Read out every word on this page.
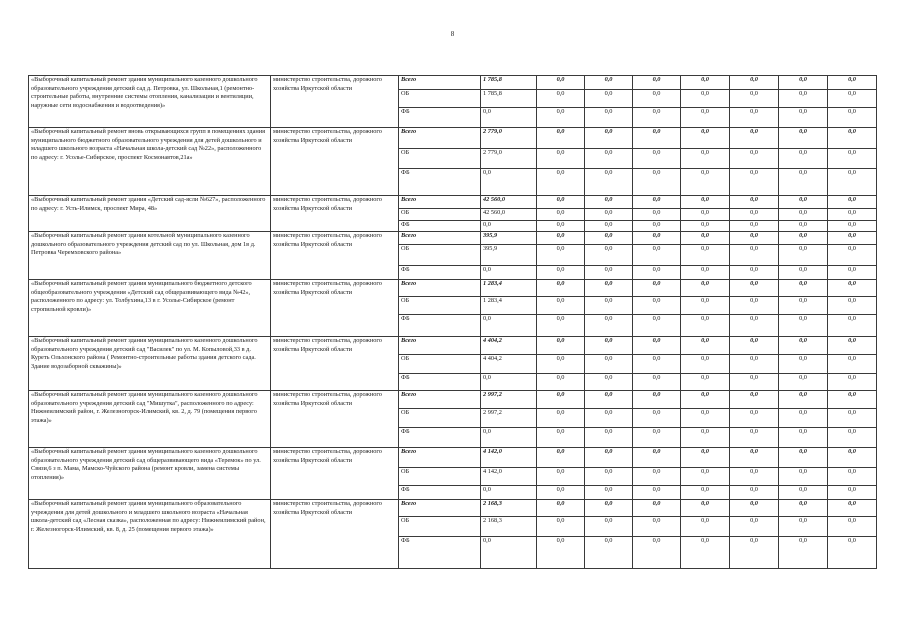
8
«Выборочный капитальный ремонт здания муниципального казенного дошкольного образовательного учреждения детский сад д. Петровка, ул. Школьная,1 (ремонтно-строительные работы, внутренние системы отопления, канализации и вентиляции, наружные сети водоснабжения и водоотведения)»	министерство строительства, дорожного хозяйства Иркутской области	Всего	1 785,8	0,0	0,0	0,0	0,0	0,0	0,0	0,0
		ОБ	1 785,8	0,0	0,0	0,0	0,0	0,0	0,0	0,0
		ФБ	0,0	0,0	0,0	0,0	0,0	0,0	0,0	0,0
«Выборочный капитальный ремонт вновь открывающихся групп в помещениях здания муниципального бюджетного образовательного учреждения для детей дошкольного и младшего школьного возраста «Начальная школа-детский сад №22», расположенного по адресу: г. Усолье-Сибирское, проспект Космонавтов,21а»	министерство строительства, дорожного хозяйства Иркутской области	Всего	2 779,0	0,0	0,0	0,0	0,0	0,0	0,0	0,0
		ОБ	2 779,0	0,0	0,0	0,0	0,0	0,0	0,0	0,0
		ФБ	0,0	0,0	0,0	0,0	0,0	0,0	0,0	0,0
«Выборочный капитальный ремонт здания «Детский сад-ясли №627», расположенного по адресу: г. Усть-Илимск, проспект Мира, 48»	министерство строительства, дорожного хозяйства Иркутской области	Всего	42 560,0	0,0	0,0	0,0	0,0	0,0	0,0	0,0
		ОБ	42 560,0	0,0	0,0	0,0	0,0	0,0	0,0	0,0
		ФБ	0,0	0,0	0,0	0,0	0,0	0,0	0,0	0,0
«Выборочный капитальный ремонт здания котельной муниципального казенного дошкольного образовательного учреждения детский сад по ул. Школьная, дом 1в д. Петровка Черемховского района»	министерство строительства, дорожного хозяйства Иркутской области	Всего	395,9	0,0	0,0	0,0	0,0	0,0	0,0	0,0
		ОБ	395,9	0,0	0,0	0,0	0,0	0,0	0,0	0,0
		ФБ	0,0	0,0	0,0	0,0	0,0	0,0	0,0	0,0
«Выборочный капитальный ремонт здания муниципального бюджетного детского общеобразовательного учреждения «Детский сад общеразвивающего вида №42», расположенного по адресу: ул. Толбухина,13 в г. Усолье-Сибирское (ремонт стропильной кровли)»	министерство строительства, дорожного хозяйства Иркутской области	Всего	1 283,4	0,0	0,0	0,0	0,0	0,0	0,0	0,0
		ОБ	1 283,4	0,0	0,0	0,0	0,0	0,0	0,0	0,0
		ФБ	0,0	0,0	0,0	0,0	0,0	0,0	0,0	0,0
«Выборочный капитальный ремонт здания муниципального казенного дошкольного образовательного учреждения детский сад "Василек" по ул. М. Копыловой,33 в д. Куреть Ольхонского района ( Ремонтно-строительные работы здания детского сада. Здание водозаборной скважины)»	министерство строительства, дорожного хозяйства Иркутской области	Всего	4 404,2	0,0	0,0	0,0	0,0	0,0	0,0	0,0
		ОБ	4 404,2	0,0	0,0	0,0	0,0	0,0	0,0	0,0
		ФБ	0,0	0,0	0,0	0,0	0,0	0,0	0,0	0,0
«Выборочный капитальный ремонт здания муниципального казенного дошкольного образовательного учреждения детский сад "Мишутка", расположенного по адресу: Нижнеилимский район, г. Железногорск-Илимский, кв. 2, д. 79 (помещения первого этажа)»	министерство строительства, дорожного хозяйства Иркутской области	Всего	2 997,2	0,0	0,0	0,0	0,0	0,0	0,0	0,0
		ОБ	2 997,2	0,0	0,0	0,0	0,0	0,0	0,0	0,0
		ФБ	0,0	0,0	0,0	0,0	0,0	0,0	0,0	0,0
«Выборочный капитальный ремонт здания муниципального казенного дошкольного образовательного учреждения детский сад общеразвивающего вида «Теремок» по ул. Связи,6 з п. Мама, Мамско-Чуйского района (ремонт кровли, замена системы отопления)»	министерство строительства, дорожного хозяйства Иркутской области	Всего	4 142,0	0,0	0,0	0,0	0,0	0,0	0,0	0,0
		ОБ	4 142,0	0,0	0,0	0,0	0,0	0,0	0,0	0,0
		ФБ	0,0	0,0	0,0	0,0	0,0	0,0	0,0	0,0
«Выборочный капитальный ремонт здания муниципального образовательного учреждения для детей дошкольного и младшего школьного возраста «Начальная школа-детский сад «Лесная сказка», расположенная по адресу: Нижнеилимский район, г. Железногорск-Илимский, кв. 8, д. 25 (помещения первого этажа)»	министерство строительства, дорожного хозяйства Иркутской области	Всего	2 168,3	0,0	0,0	0,0	0,0	0,0	0,0	0,0
		ОБ	2 168,3	0,0	0,0	0,0	0,0	0,0	0,0	0,0
		ФБ	0,0	0,0	0,0	0,0	0,0	0,0	0,0	0,0
